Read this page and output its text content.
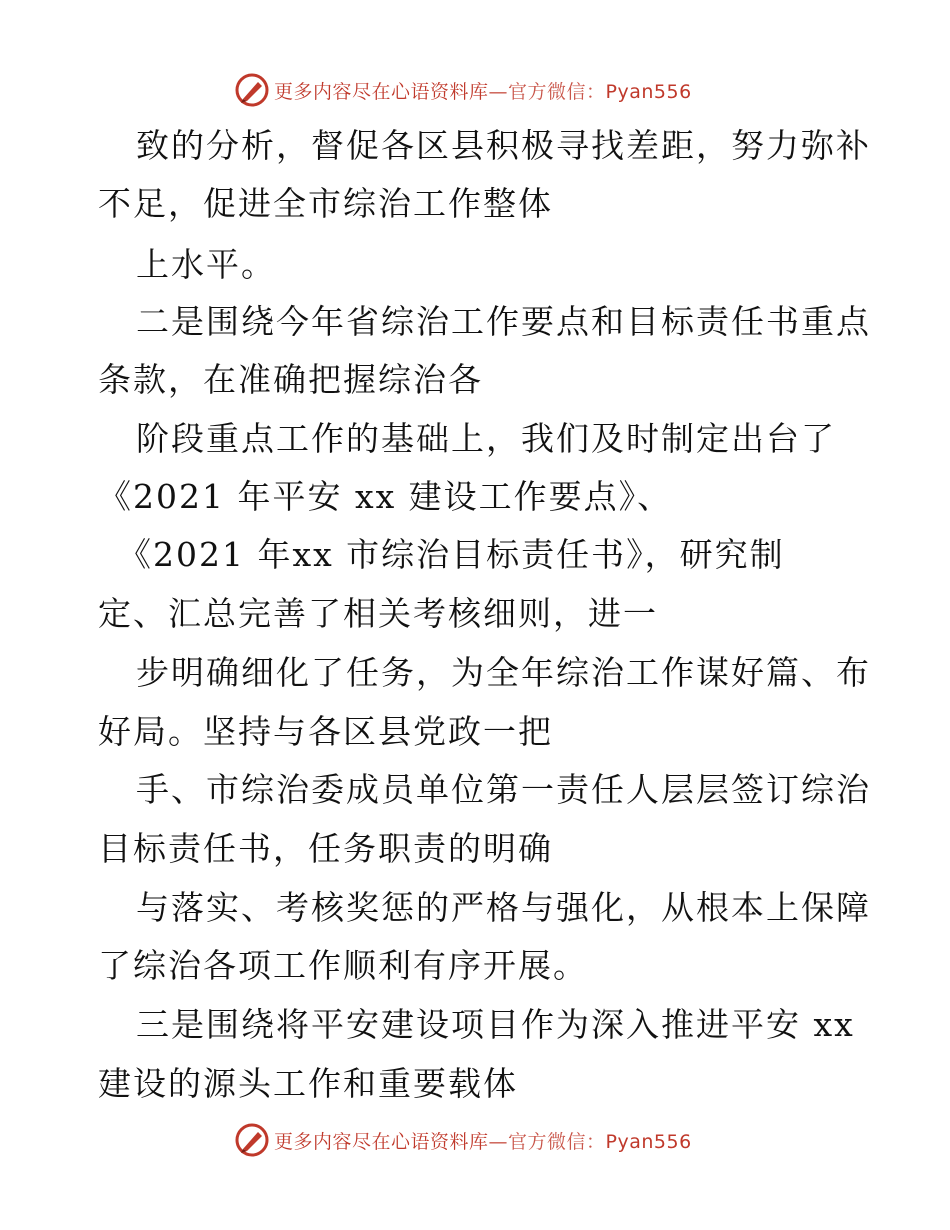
更多内容尽在心语资料库—官方微信：Pyan556
致的分析，督促各区县积极寻找差距，努力弥补
不足，促进全市综治工作整体
上水平。
二是围绕今年省综治工作要点和目标责任书重点
条款，在准确把握综治各
阶段重点工作的基础上，我们及时制定出台了
《2021 年平安 xx 建设工作要点》、
《2021 年xx 市综治目标责任书》，研究制
定、汇总完善了相关考核细则，进一
步明确细化了任务，为全年综治工作谋好篇、布
好局。坚持与各区县党政一把
手、市综治委成员单位第一责任人层层签订综治
目标责任书，任务职责的明确
与落实、考核奖惩的严格与强化，从根本上保障
了综治各项工作顺利有序开展。
三是围绕将平安建设项目作为深入推进平安 xx
建设的源头工作和重要载体
更多内容尽在心语资料库—官方微信：Pyan556
